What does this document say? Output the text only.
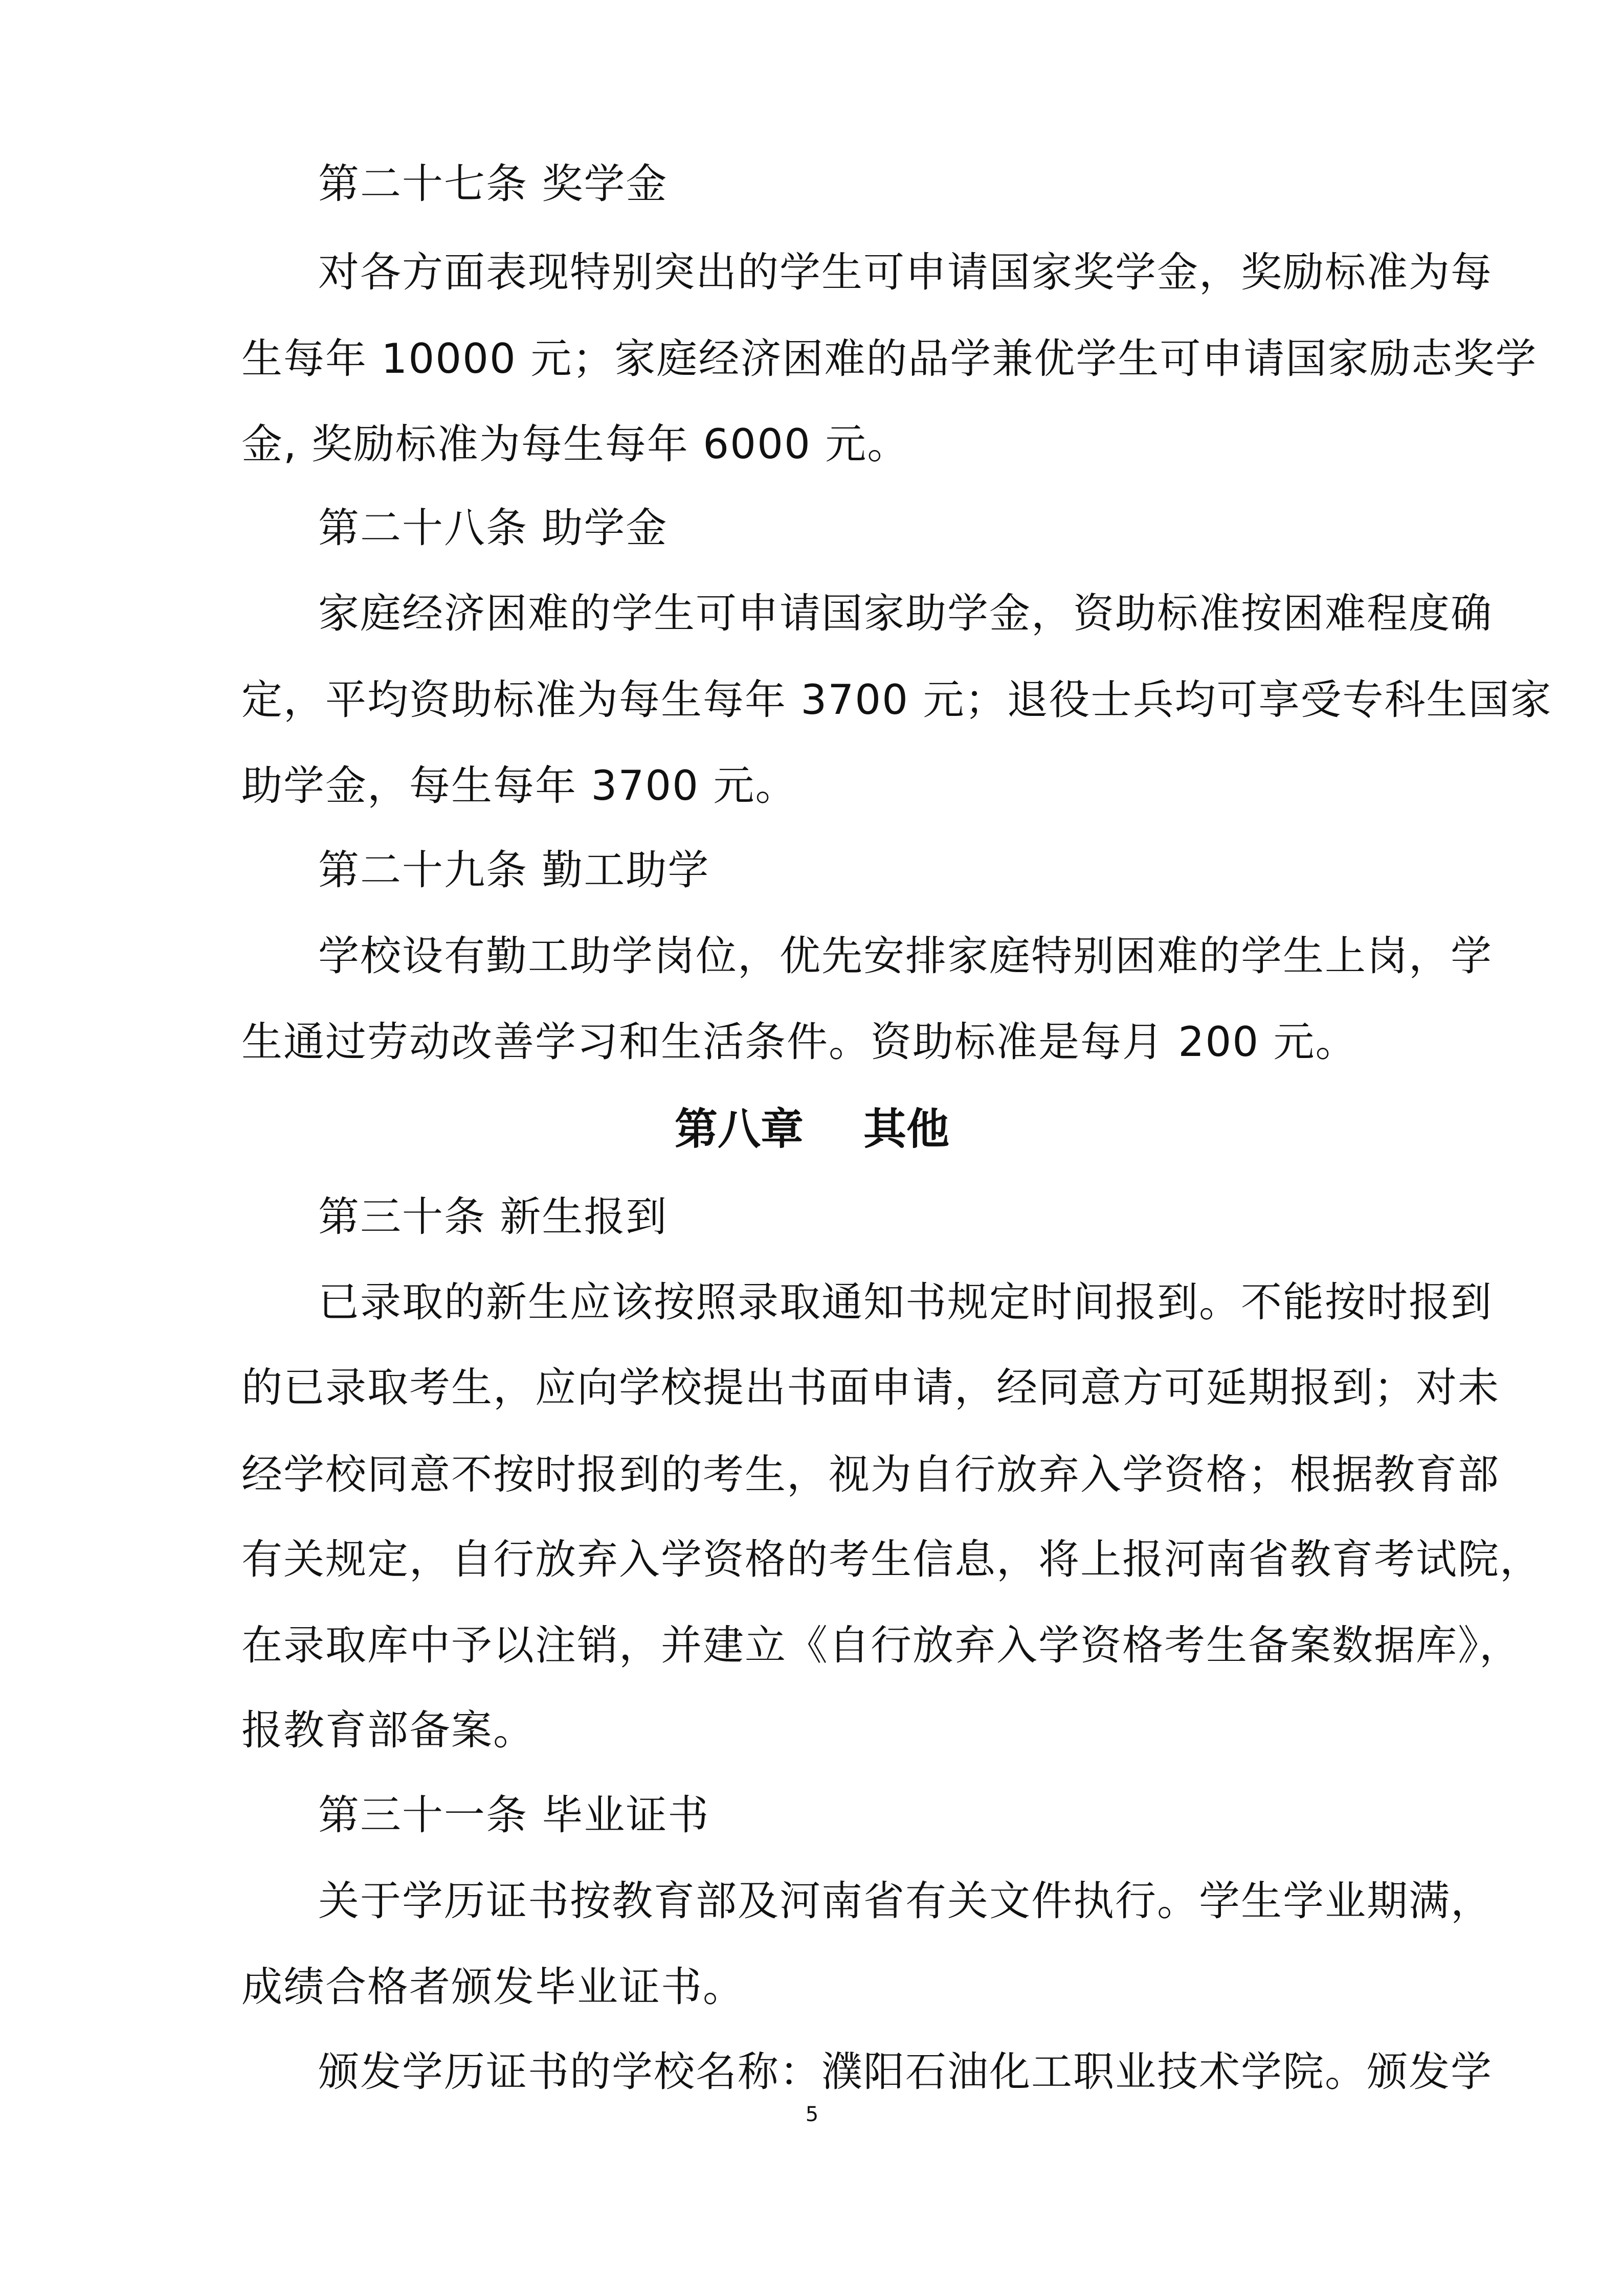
第二十七条 奖学金
对各方面表现特别突出的学生可申请国家奖学金，奖励标准为每
生每年 10000 元；家庭经济困难的品学兼优学生可申请国家励志奖学
金, 奖励标准为每生每年 6000 元。
第二十八条 助学金
家庭经济困难的学生可申请国家助学金，资助标准按困难程度确
定，平均资助标准为每生每年 3700 元；退役士兵均可享受专科生国家
助学金，每生每年 3700 元。
第二十九条 勤工助学
学校设有勤工助学岗位，优先安排家庭特别困难的学生上岗，学
生通过劳动改善学习和生活条件。资助标准是每月 200 元。
第八章    其他
第三十条 新生报到
已录取的新生应该按照录取通知书规定时间报到。不能按时报到
的已录取考生，应向学校提出书面申请，经同意方可延期报到；对未
经学校同意不按时报到的考生，视为自行放弃入学资格；根据教育部
有关规定，自行放弃入学资格的考生信息，将上报河南省教育考试院，
在录取库中予以注销，并建立《自行放弃入学资格考生备案数据库》，
报教育部备案。
第三十一条 毕业证书
关于学历证书按教育部及河南省有关文件执行。学生学业期满，
成绩合格者颁发毕业证书。
颁发学历证书的学校名称：濮阳石油化工职业技术学院。颁发学
5
